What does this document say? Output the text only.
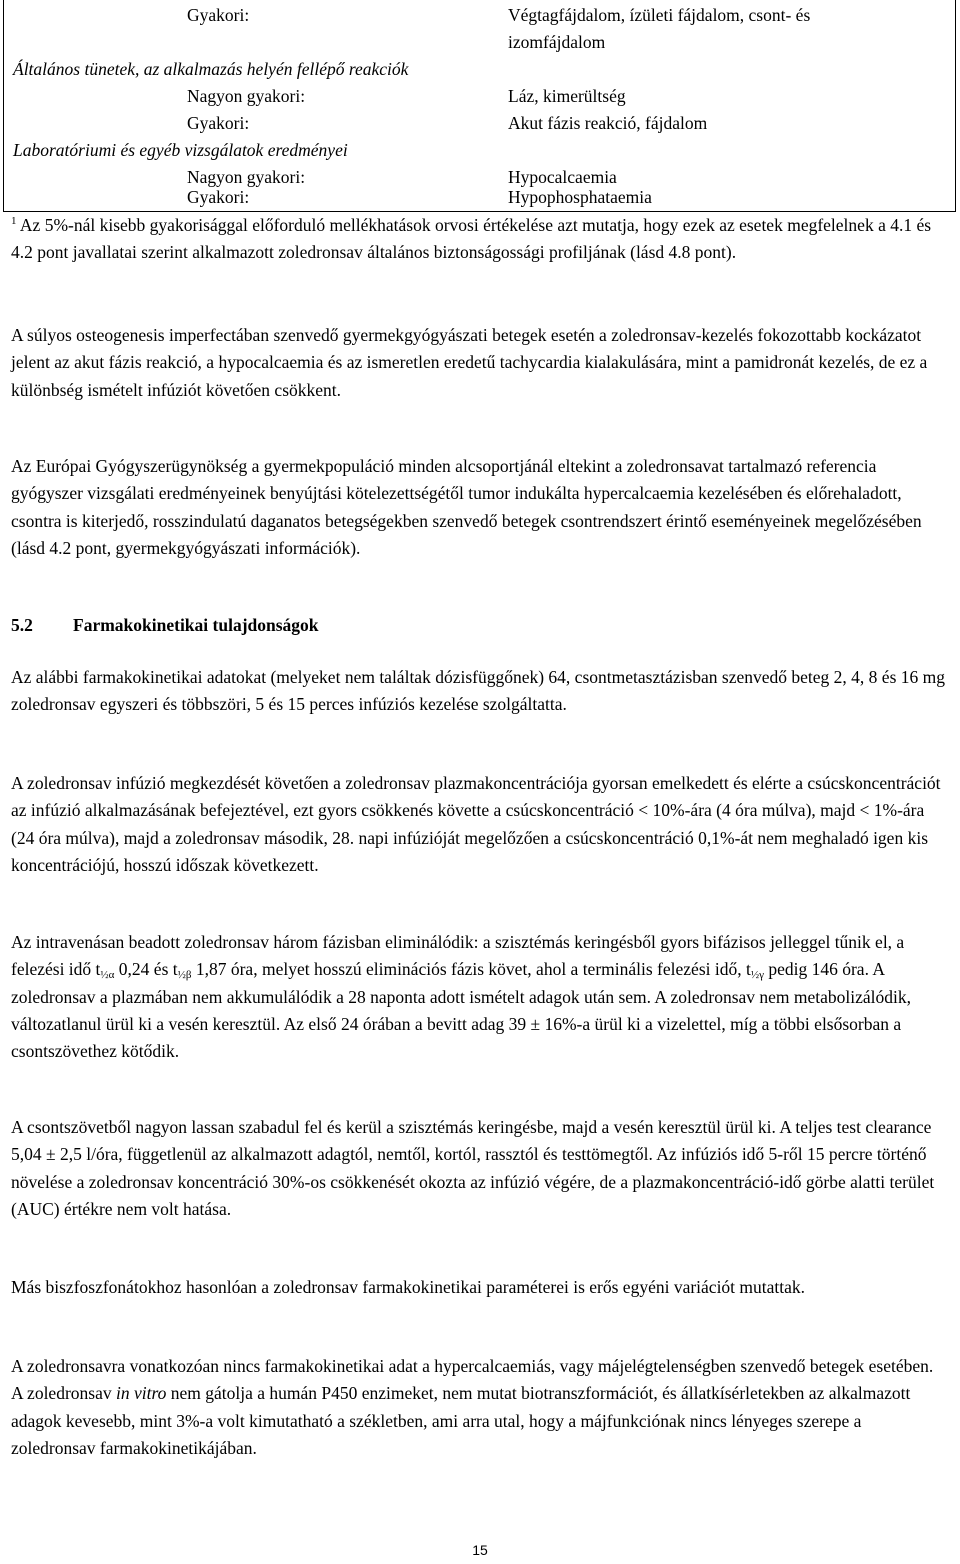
Gyakori:	Végtagfájdalom, ízületi fájdalom, csont- és
izomfájdalom
Általános tünetek, az alkalmazás helyén fellépő reakciók
Nagyon gyakori:	Láz, kimerültség
Gyakori:	Akut fázis reakció, fájdalom
Laboratóriumi és egyéb vizsgálatok eredményei
Nagyon gyakori:	Hypocalcaemia
Gyakori:	Hypophosphataemia
$^1$ Az 5%-nál kisebb gyakorisággal előforduló mellékhatások orvosi értékelése azt mutatja, hogy ezek az esetek megfelelnek a 4.1 és 4.2 pont javallatai szerint alkalmazott zoledronsav általános biztonságossági profiljának (lásd 4.8 pont).

A súlyos osteogenesis imperfectában szenvedő gyermekgyógyászati betegek esetén a zoledronsav-kezelés fokozottabb kockázatot jelent az akut fázis reakció, a hypocalcaemia és az ismeretlen eredetű tachycardia kialakulására, mint a pamidronát kezelés, de ez a különbség ismételt infúziót követően csökkent.

Az Európai Gyógyszerügynökség a gyermekpopuláció minden alcsoportjánál eltekint a zoledronsavat tartalmazó referencia gyógyszer vizsgálati eredményeinek benyújtási kötelezettségétől tumor indukálta hypercalcaemia kezelésében és előrehaladott, csontra is kiterjedő, rosszindulatú daganatos betegségekben szenvedő betegek csontrendszert érintő eseményeinek megelőzésében (lásd 4.2 pont, gyermekgyógyászati információk).

5.2 Farmakokinetikai tulajdonságok

Az alábbi farmakokinetikai adatokat (melyeket nem találtak dózisfüggőnek) 64, csontmetasztázisban szenvedő beteg 2, 4, 8 és 16 mg zoledronsav egyszeri és többszöri, 5 és 15 perces infúziós kezelése szolgáltatta.

A zoledronsav infúzió megkezdését követően a zoledronsav plazmakoncentrációja gyorsan emelkedett és elérte a csúcskoncentrációt az infúzió alkalmazásának befejeztével, ezt gyors csökkenés követte a csúcskoncentráció < 10%-ára (4 óra múlva), majd < 1%-ára (24 óra múlva), majd a zoledronsav második, 28. napi infúzióját megelőzően a csúcskoncentráció 0,1%-át nem meghaladó igen kis koncentrációjú, hosszú időszak következett.

Az intravenásan beadott zoledronsav három fázisban eliminálódik: a szisztémás keringésből gyors bifázisos jelleggel tűnik el, a felezési idő $t_{\frac{1}{2}\alpha}$ 0,24 és $t_{\frac{1}{2}\beta}$ 1,87 óra, melyet hosszú eliminációs fázis követ, ahol a terminális felezési idő, $t_{\frac{1}{2}\gamma}$ pedig 146 óra. A zoledronsav a plazmában nem akkumulálódik a 28 naponta adott ismételt adagok után sem. A zoledronsav nem metabolizálódik, változatlanul ürül ki a vesén keresztül. Az első 24 órában a bevitt adag 39 ± 16%-a ürül ki a vizelettel, míg a többi elsősorban a csontszövethez kötődik.

A csontszövetből nagyon lassan szabadul fel és kerül a szisztémás keringésbe, majd a vesén keresztül ürül ki. A teljes test clearance 5,04 ± 2,5 l/óra, függetlenül az alkalmazott adagtól, nemtől, kortól, rassztól és testtömegtől. Az infúziós idő 5-ről 15 percre történő növelése a zoledronsav koncentráció 30%-os csökkenését okozta az infúzió végére, de a plazmakoncentráció-idő görbe alatti terület (AUC) értékre nem volt hatása.

Más biszfoszfonátokhoz hasonlóan a zoledronsav farmakokinetikai paraméterei is erős egyéni variációt mutattak.

A zoledronsavra vonatkozóan nincs farmakokinetikai adat a hypercalcaemiás, vagy májelégtelenségben szenvedő betegek esetében. A zoledronsav in vitro nem gátolja a humán P450 enzimeket, nem mutat biotranszformációt, és állatkísérletekben az alkalmazott adagok kevesebb, mint 3%-a volt kimutatható a székletben, ami arra utal, hogy a májfunkciónak nincs lényeges szerepe a zoledronsav farmakokinetikájában.

15
